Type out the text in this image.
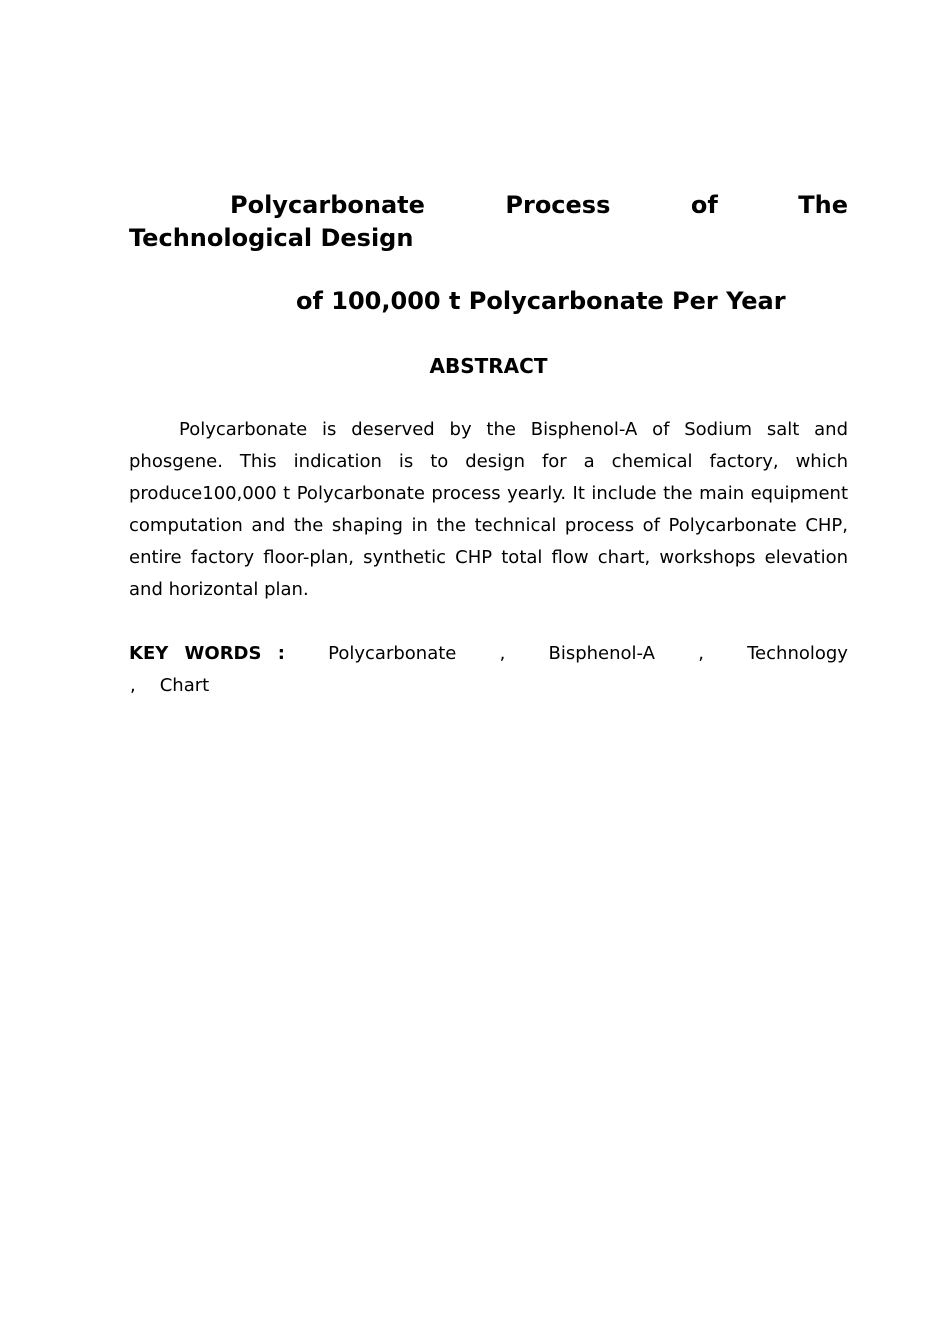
Polycarbonate Process of The
Technological Design
of 100,000 t Polycarbonate Per Year
ABSTRACT

Polycarbonate is deserved by the Bisphenol-A of Sodium salt and phosgene. This indication is to design for a chemical factory, which produce100,000 t Polycarbonate process yearly. It include the main equipment computation and the shaping in the technical process of Polycarbonate CHP, entire factory floor-plan, synthetic CHP total flow chart, workshops elevation and horizontal plan.

KEY WORDS : Polycarbonate , Bisphenol-A , Technology
, Chart
